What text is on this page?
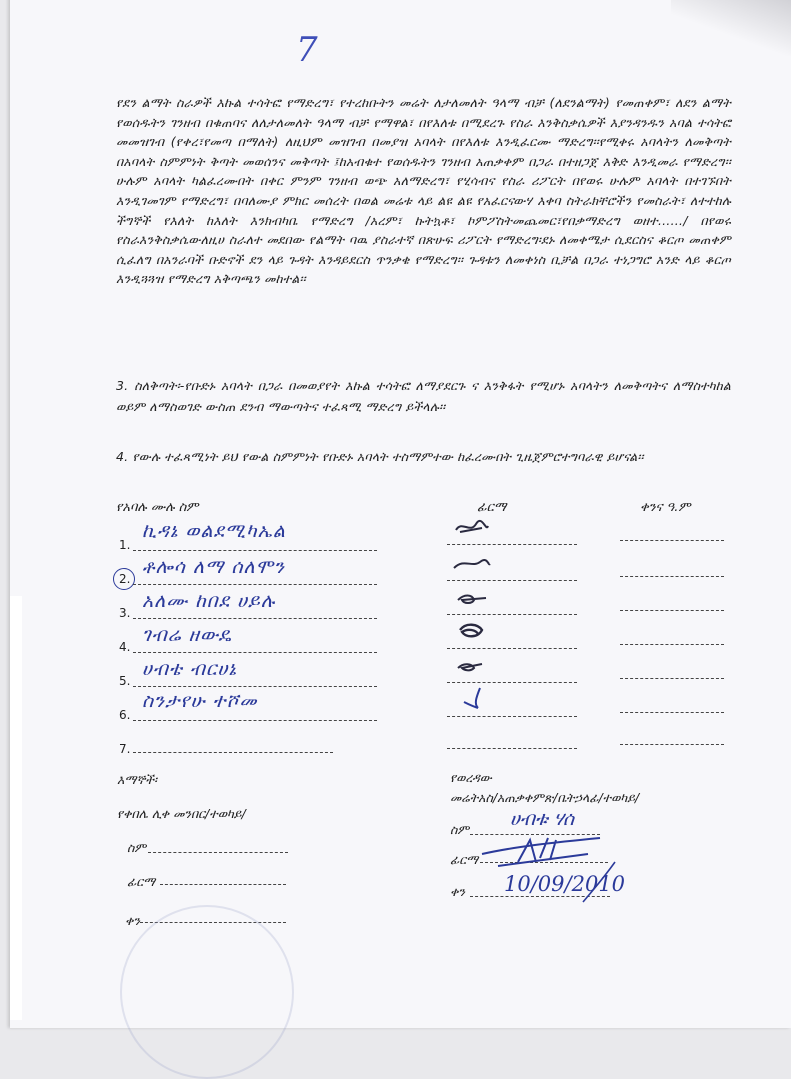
7
የደን ልማት ስራዎች እኩል ተሳትፎ የማድረግ፣ የተረከቡትን መሬት ለታለመለት ዓላማ ብቻ (ለደንልማት) የመጠቀም፣ ለደን ልማት የወሰዱትን ገንዘብ በቁጠባና ለለታለመለት ዓላማ ብቻ የማዋል፣ በየእለቱ በሚደረጉ የስራ እንቅስቃሴዎች እያንዳንዱን አባል ተሳትፎ መመዝገብ (የቀረ፣የመጣ በማለት) ለዚህም መዝገብ በመያዝ አባላት በየእለቱ እንዲፈርሙ ማድረግ፡፡የሚቀሩ አባላትን ለመቅጣት በአባላት ስምምነት ቅጣት መወሰንና መቅጣት ፤ከአብቁተ የወሰዱትን ገንዘብ አጠቃቀም በጋራ በተዘጋጀ እቅድ እንዲመራ የማድረግ፡፡ሁሉም አባላት ካልፈረሙበት በቀር ምንም ገንዘብ ወጭ አለማድረግ፣ የሂሳብና የስራ ሪፖርት በየወሩ ሁሉም አባላት በተገኙበት እንዲገመገም የማድረግ፣ በባለሙያ ምክር መሰረት በወል መሬቱ ላይ ልዩ ልዩ የአፈርናውሃ እቀባ ስትራክቸሮችን የመስራት፣ ለተተከሉ ችግኞች የእለት ከእለት እንክብካቤ የማድረግ /አረም፣ ኩትኳቶ፣ ኮምፖስትመጨመር፣የበቃማድረግ ወዘተ……/ በየወሩ የስራእንቅስቃሴውለዚሀ ስራለተ መደበው የልማት ባዉ ያስራተኛ በጽሁፍ ሪፖርት የማድረግ፡ደኑ ለመቀሜታ ሲደርስና ቆርጦ መጠቀም ሲፈለግ በአንራባች ቡድኖች ደን ላይ ጉዳት እንዳይደርስ ጥንቃቄ የማድረግ፡፡ ጉዳቱን ለመቀነስ ቢቻል በጋራ ተነጋግሮ አንድ ላይ ቆርጦ እንዲጓጓዝ የማድረግ አቅጣጫን መከተል፡፡
3. ስለቅጣት፡-የቡድኑ አባላት በጋራ በመወያየት እኩል ተሳትፎ ለማያደርጉ ና እንቅፋት የሚሆኑ አባላትን ለመቅጣትና ለማስተካከል ወይም ለማስወገድ ውስጠ ደንብ ማውጣትና ተፈጻሚ ማድረግ ይችላሉ፡፡
4. የውሉ ተፈጻሚነት ይህ የውል ስምምነት የቡድኑ አባላት ተስማምተው ከፈረሙበት ጊዜጀምሮተግባራዊ ይሆናል፡፡
የአባሉ ሙሉ ስም	ፊርማ	ቀንና ዓ.ም
1.
ኪዳኔ ወልደሚካኤል
2.
ቶሎሳ ለማ ሰለሞን
3.
አለሙ ከበደ ሀይሉ
4.
ገብሬ ዘውዴ
5.
ሀብቴ ብርሀኔ
6.
ስንታየሁ ተሾመ
7.
እማኞች፡
የቀበሌ ሊቀ መንበር/ተወካይ/
ስም
ፊርማ
ቀን
የወረዳው
መሬትአስ/አጠቃቀምጽ/ቤትኃላፊ/ተወካይ/
ስም ሀብቱ ሃሰ
ፊርማ
ቀን 10/09/2010
